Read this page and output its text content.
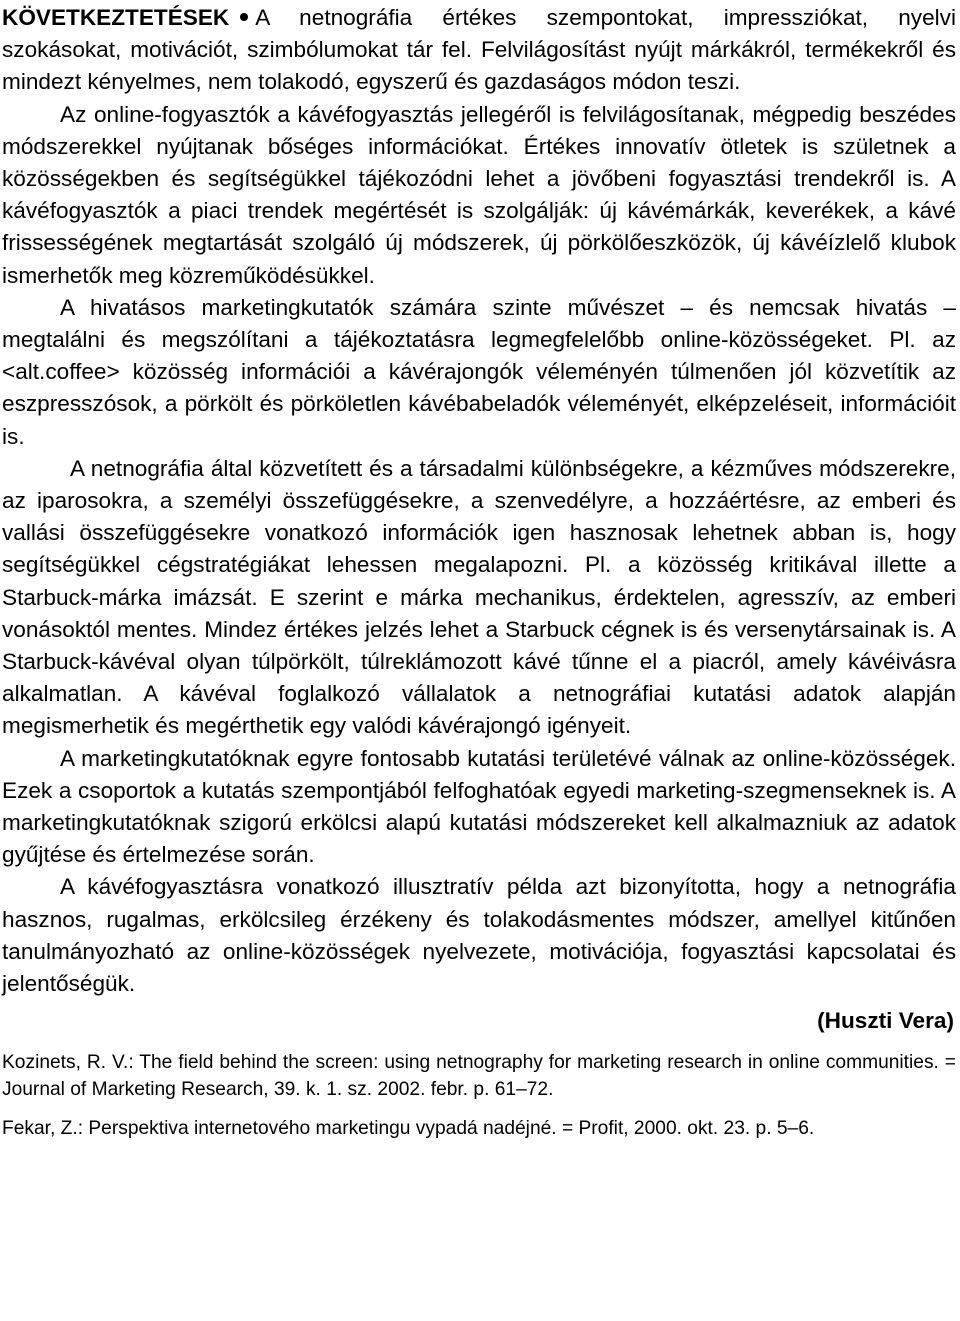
KÖVETKEZTETÉSEK A netnográfia értékes szempontokat, impressziókat, nyelvi szokásokat, motivációt, szimbólumokat tár fel. Felvilágosítást nyújt márkákról, termékekről és mindezt kényelmes, nem tolakodó, egyszerű és gazdaságos módon teszi.

Az online-fogyasztók a kávéfogyasztás jellegéről is felvilágosítanak, mégpedig beszédes módszerekkel nyújtanak bőséges információkat. Értékes innovatív ötletek is születnek a közösségekben és segítségükkel tájékozódni lehet a jövőbeni fogyasztási trendekről is. A kávéfogyasztók a piaci trendek megértését is szolgálják: új kávémárkák, keverékek, a kávé frissességének megtartását szolgáló új módszerek, új pörkölőeszközök, új kávéízlelő klubok ismerhetők meg közreműködésükkel.

A hivatásos marketingkutatók számára szinte művészet – és nemcsak hivatás – megtalálni és megszólítani a tájékoztatásra legmegfelelőbb online-közösségeket. Pl. az <alt.coffee> közösség információi a kávérajongók véleményén túlmenően jól közvetítik az eszpresszósok, a pörkölt és pörköletlen kávébabeladók véleményét, elképzeléseit, információit is.

A netnográfia által közvetített és a társadalmi különbségekre, a kézműves módszerekre, az iparosokra, a személyi összefüggésekre, a szenvedélyre, a hozzáértésre, az emberi és vallási összefüggésekre vonatkozó információk igen hasznosak lehetnek abban is, hogy segítségükkel cégstratégiákat lehessen megalapozni. Pl. a közösség kritikával illette a Starbuck-márka imázsát. E szerint e márka mechanikus, érdektelen, agresszív, az emberi vonásoktól mentes. Mindez értékes jelzés lehet a Starbuck cégnek is és versenytársainak is. A Starbuck-kávéval olyan túlpörkölt, túlreklámozott kávé tűnne el a piacról, amely kávéivásra alkalmatlan. A kávéval foglalkozó vállalatok a netnográfiai kutatási adatok alapján megismerhetik és megérthetik egy valódi kávérajongó igényeit.

A marketingkutatóknak egyre fontosabb kutatási területévé válnak az online-közösségek. Ezek a csoportok a kutatás szempontjából felfoghatóak egyedi marketing-szegmenseknek is. A marketingkutatóknak szigorú erkölcsi alapú kutatási módszereket kell alkalmazniuk az adatok gyűjtése és értelmezése során.

A kávéfogyasztásra vonatkozó illusztratív példa azt bizonyította, hogy a netnográfia hasznos, rugalmas, erkölcsileg érzékeny és tolakodásmentes módszer, amellyel kitűnően tanulmányozható az online-közösségek nyelvezete, motivációja, fogyasztási kapcsolatai és jelentőségük.

(Huszti Vera)

Kozinets, R. V.: The field behind the screen: using netnography for marketing research in online communities. = Journal of Marketing Research, 39. k. 1. sz. 2002. febr. p. 61–72.

Fekar, Z.: Perspektiva internetového marketingu vypadá nadéjné. = Profit, 2000. okt. 23. p. 5–6.
